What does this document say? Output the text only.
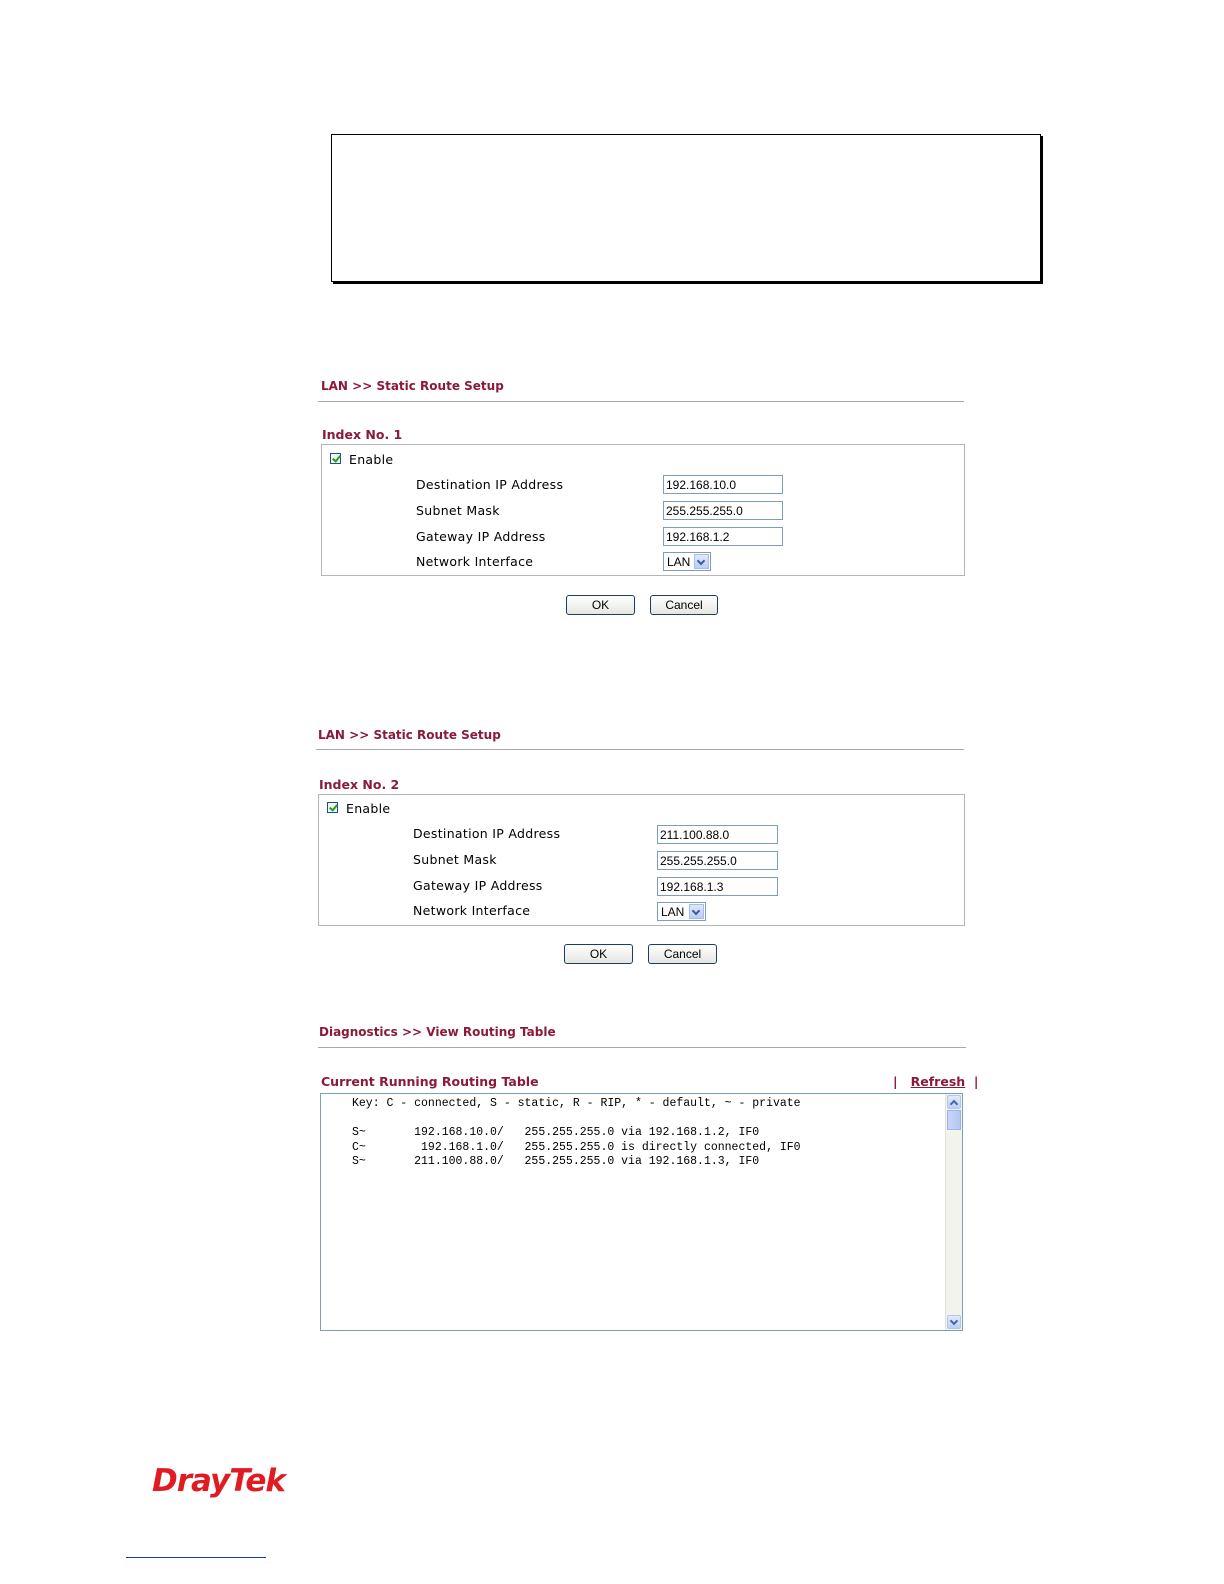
LAN >> Static Route Setup
Index No. 1
Enable
Destination IP Address	192.168.10.0
Subnet Mask	255.255.255.0
Gateway IP Address	192.168.1.2
Network Interface	LAN
OK	Cancel
LAN >> Static Route Setup
Index No. 2
Enable
Destination IP Address	211.100.88.0
Subnet Mask	255.255.255.0
Gateway IP Address	192.168.1.3
Network Interface	LAN
OK	Cancel
Diagnostics >> View Routing Table
Current Running Routing Table	| Refresh |
Key: C - connected, S - static, R - RIP, * - default, ~ - private
S~       192.168.10.0/   255.255.255.0 via 192.168.1.2, IF0
C~        192.168.1.0/   255.255.255.0 is directly connected, IF0
S~       211.100.88.0/   255.255.255.0 via 192.168.1.3, IF0
DrayTek
